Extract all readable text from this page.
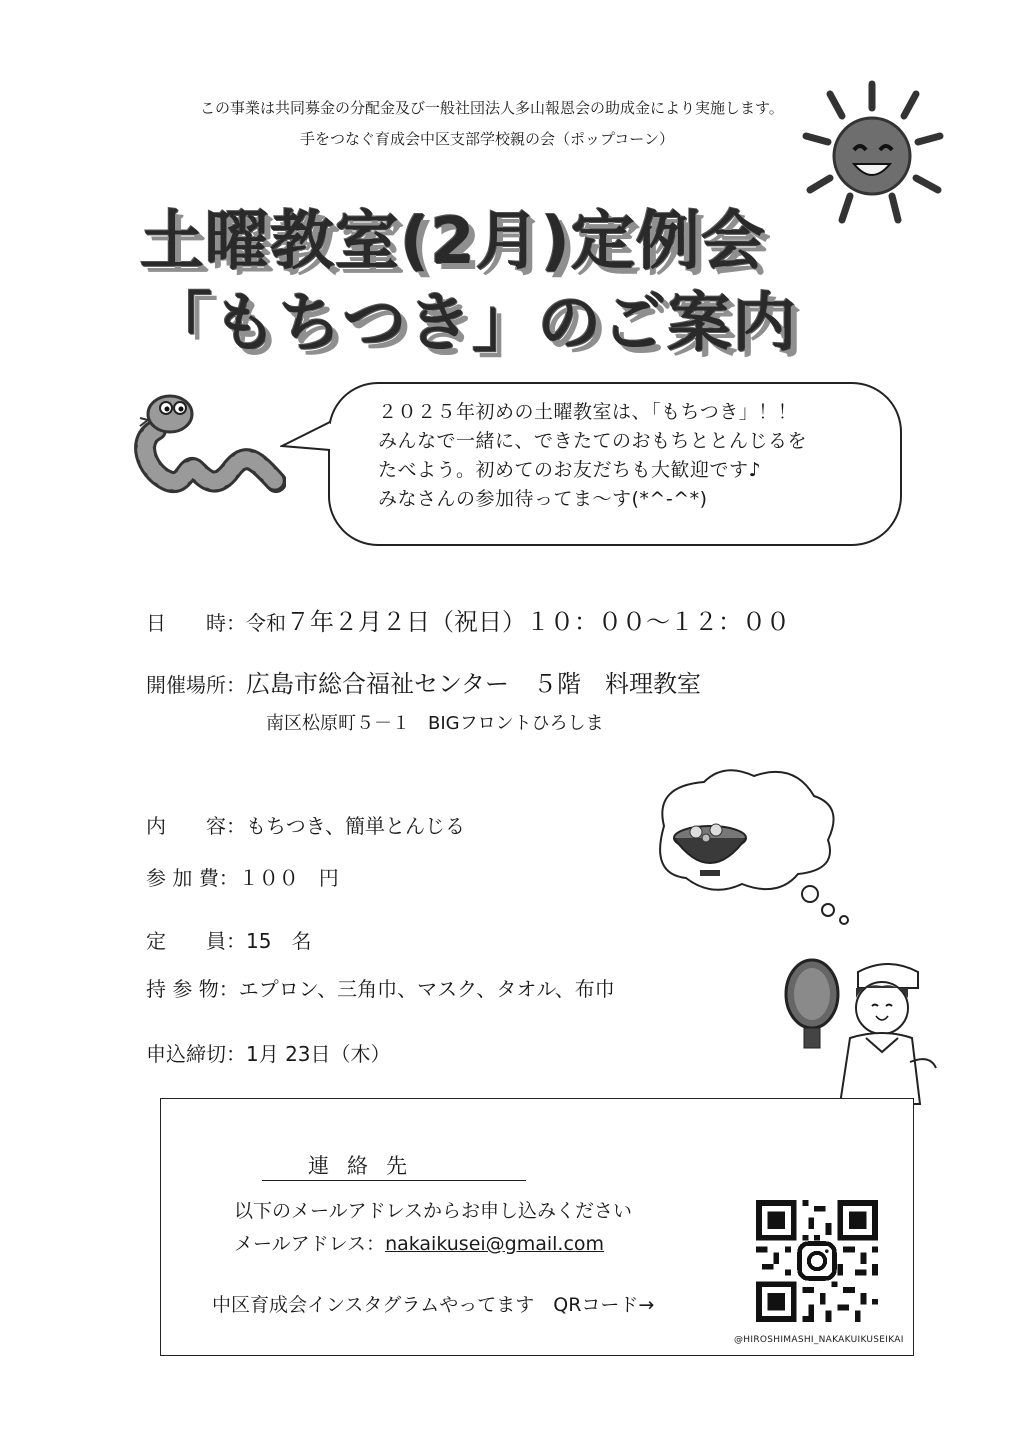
この事業は共同募金の分配金及び一般社団法人多山報恩会の助成金により実施します。
手をつなぐ育成会中区支部学校親の会（ポップコーン）
土曜教室(2月)定例会
「もちつき」のご案内
２０２５年初めの土曜教室は、「もちつき」！！
みんなで一緒に、できたてのおもちととんじるを
たべよう。初めてのお友だちも大歓迎です♪
みなさんの参加待ってま～す(*^-^*)
日　　時：令和７年２月２日（祝日）１０：００～１２：００
開催場所：広島市総合福祉センター　５階　料理教室
南区松原町５－１　BIGフロントひろしま
内　　容：もちつき、簡単とんじる
参 加 費：１００　円
定　　員：15　名
持 参 物：エプロン、三角巾、マスク、タオル、布巾
申込締切：1月 23日（木）
連絡先
以下のメールアドレスからお申し込みください
メールアドレス：nakaikusei@gmail.com
中区育成会インスタグラムやってます　QRコード→
@HIROSHIMASHI_NAKAKUIKUSEIKAI
